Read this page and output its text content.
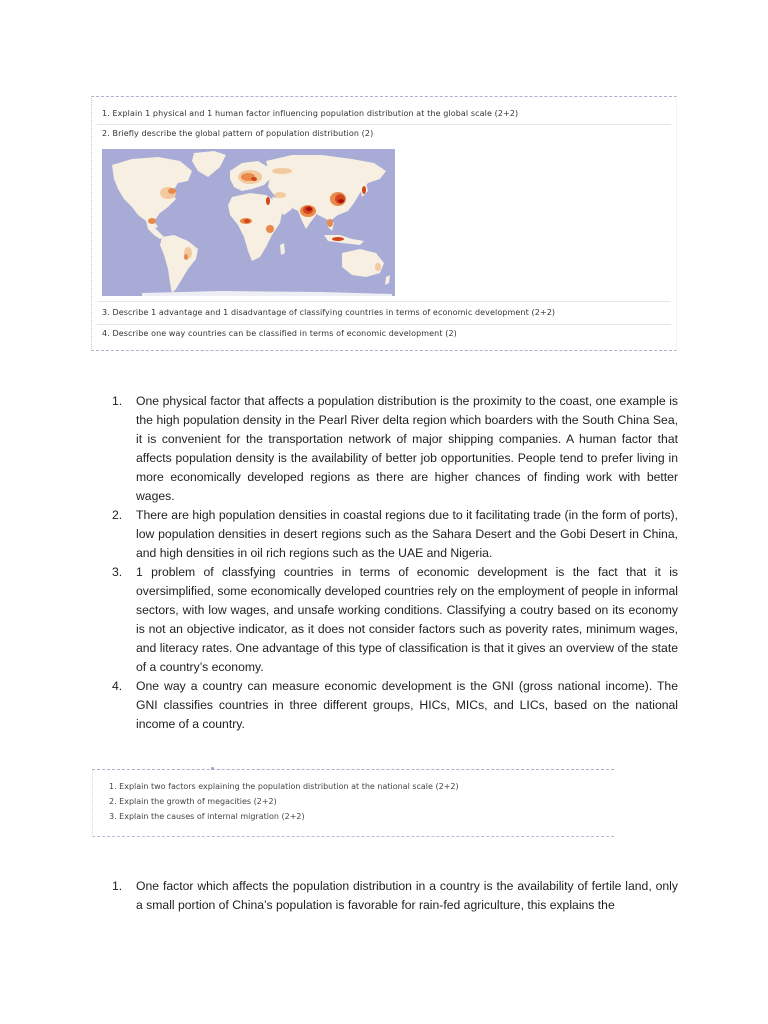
1. Explain 1 physical and 1 human factor influencing population distribution at the global scale (2+2)
2. Briefly describe the global pattern of population distribution (2)
3. Describe 1 advantage and 1 disadvantage of classifying countries in terms of economic development (2+2)
4. Describe one way countries can be classified in terms of economic development (2)
1. One physical factor that affects a population distribution is the proximity to the coast, one example is the high population density in the Pearl River delta region which boarders with the South China Sea, it is convenient for the transportation network of major shipping companies. A human factor that affects population density is the availability of better job opportunities. People tend to prefer living in more economically developed regions as there are higher chances of finding work with better wages.
2. There are high population densities in coastal regions due to it facilitating trade (in the form of ports), low population densities in desert regions such as the Sahara Desert and the Gobi Desert in China, and high densities in oil rich regions such as the UAE and Nigeria.
3. 1 problem of classfying countries in terms of economic development is the fact that it is oversimplified, some economically developed countries rely on the employment of people in informal sectors, with low wages, and unsafe working conditions. Classifying a coutry based on its economy is not an objective indicator, as it does not consider factors such as poverity rates, minimum wages, and literacy rates. One advantage of this type of classification is that it gives an overview of the state of a country’s economy.
4. One way a country can measure economic development is the GNI (gross national income). The GNI classifies countries in three different groups, HICs, MICs, and LICs, based on the national income of a country.
1. Explain two factors explaining the population distribution at the national scale (2+2)
2. Explain the growth of megacities (2+2)
3. Explain the causes of internal migration (2+2)
1. One factor which affects the population distribution in a country is the availability of fertile land, only a small portion of China’s population is favorable for rain-fed agriculture, this explains the
